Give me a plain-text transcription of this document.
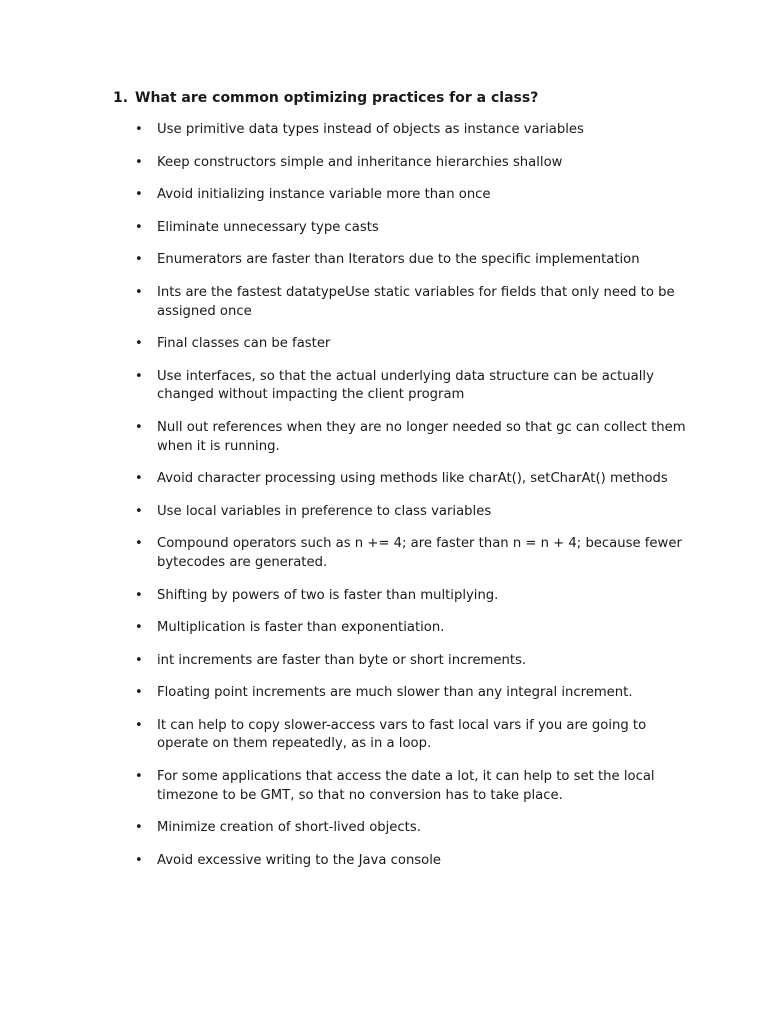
1. What are common optimizing practices for a class?
•	Use primitive data types instead of objects as instance variables
•	Keep constructors simple and inheritance hierarchies shallow
•	Avoid initializing instance variable more than once
•	Eliminate unnecessary type casts
•	Enumerators are faster than Iterators due to the specific implementation
•	Ints are the fastest datatypeUse static variables for fields that only need to be assigned once
•	Final classes can be faster
•	Use interfaces, so that the actual underlying data structure can be actually changed without impacting the client program
•	Null out references when they are no longer needed so that gc can collect them when it is running.
•	Avoid character processing using methods like charAt(), setCharAt() methods
•	Use local variables in preference to class variables
•	Compound operators such as n += 4; are faster than n = n + 4; because fewer bytecodes are generated.
•	Shifting by powers of two is faster than multiplying.
•	Multiplication is faster than exponentiation.
•	int increments are faster than byte or short increments.
•	Floating point increments are much slower than any integral increment.
•	It can help to copy slower-access vars to fast local vars if you are going to operate on them repeatedly, as in a loop.
•	For some applications that access the date a lot, it can help to set the local timezone to be GMT, so that no conversion has to take place.
•	Minimize creation of short-lived objects.
•	Avoid excessive writing to the Java console
